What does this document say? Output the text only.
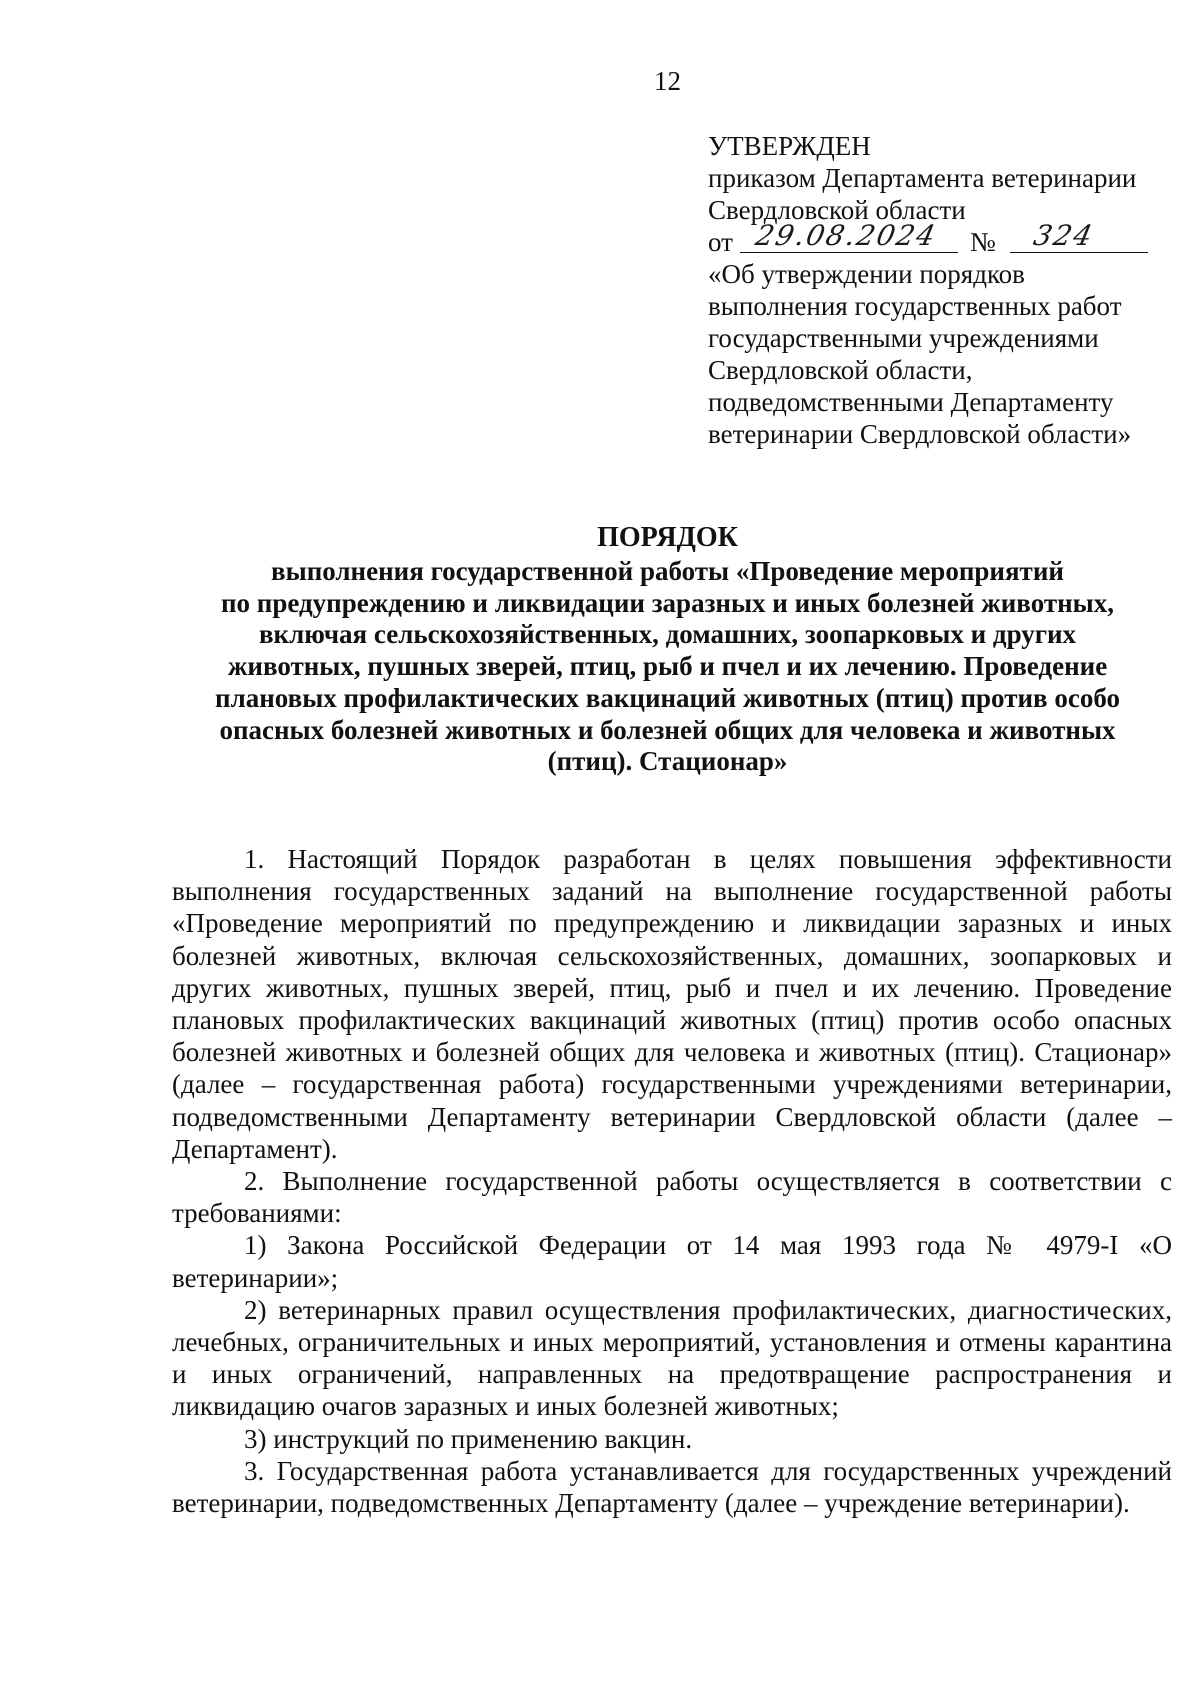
12
УТВЕРЖДЕН
приказом Департамента ветеринарии
Свердловской области
от 29.08.2024 № 324
«Об утверждении порядков
выполнения государственных работ
государственными учреждениями
Свердловской области,
подведомственными Департаменту
ветеринарии Свердловской области»
ПОРЯДОК
выполнения государственной работы «Проведение мероприятий
по предупреждению и ликвидации заразных и иных болезней животных,
включая сельскохозяйственных, домашних, зоопарковых и других
животных, пушных зверей, птиц, рыб и пчел и их лечению. Проведение
плановых профилактических вакцинаций животных (птиц) против особо
опасных болезней животных и болезней общих для человека и животных
(птиц). Стационар»

1. Настоящий Порядок разработан в целях повышения эффективности выполнения государственных заданий на выполнение государственной работы «Проведение мероприятий по предупреждению и ликвидации заразных и иных болезней животных, включая сельскохозяйственных, домашних, зоопарковых и других животных, пушных зверей, птиц, рыб и пчел и их лечению. Проведение плановых профилактических вакцинаций животных (птиц) против особо опасных болезней животных и болезней общих для человека и животных (птиц). Стационар» (далее – государственная работа) государственными учреждениями ветеринарии, подведомственными Департаменту ветеринарии Свердловской области (далее – Департамент).

2. Выполнение государственной работы осуществляется в соответствии с требованиями:

1) Закона Российской Федерации от 14 мая 1993 года № 4979-I «О ветеринарии»;

2) ветеринарных правил осуществления профилактических, диагностических, лечебных, ограничительных и иных мероприятий, установления и отмены карантина и иных ограничений, направленных на предотвращение распространения и ликвидацию очагов заразных и иных болезней животных;

3) инструкций по применению вакцин.

3. Государственная работа устанавливается для государственных учреждений ветеринарии, подведомственных Департаменту (далее – учреждение ветеринарии).
